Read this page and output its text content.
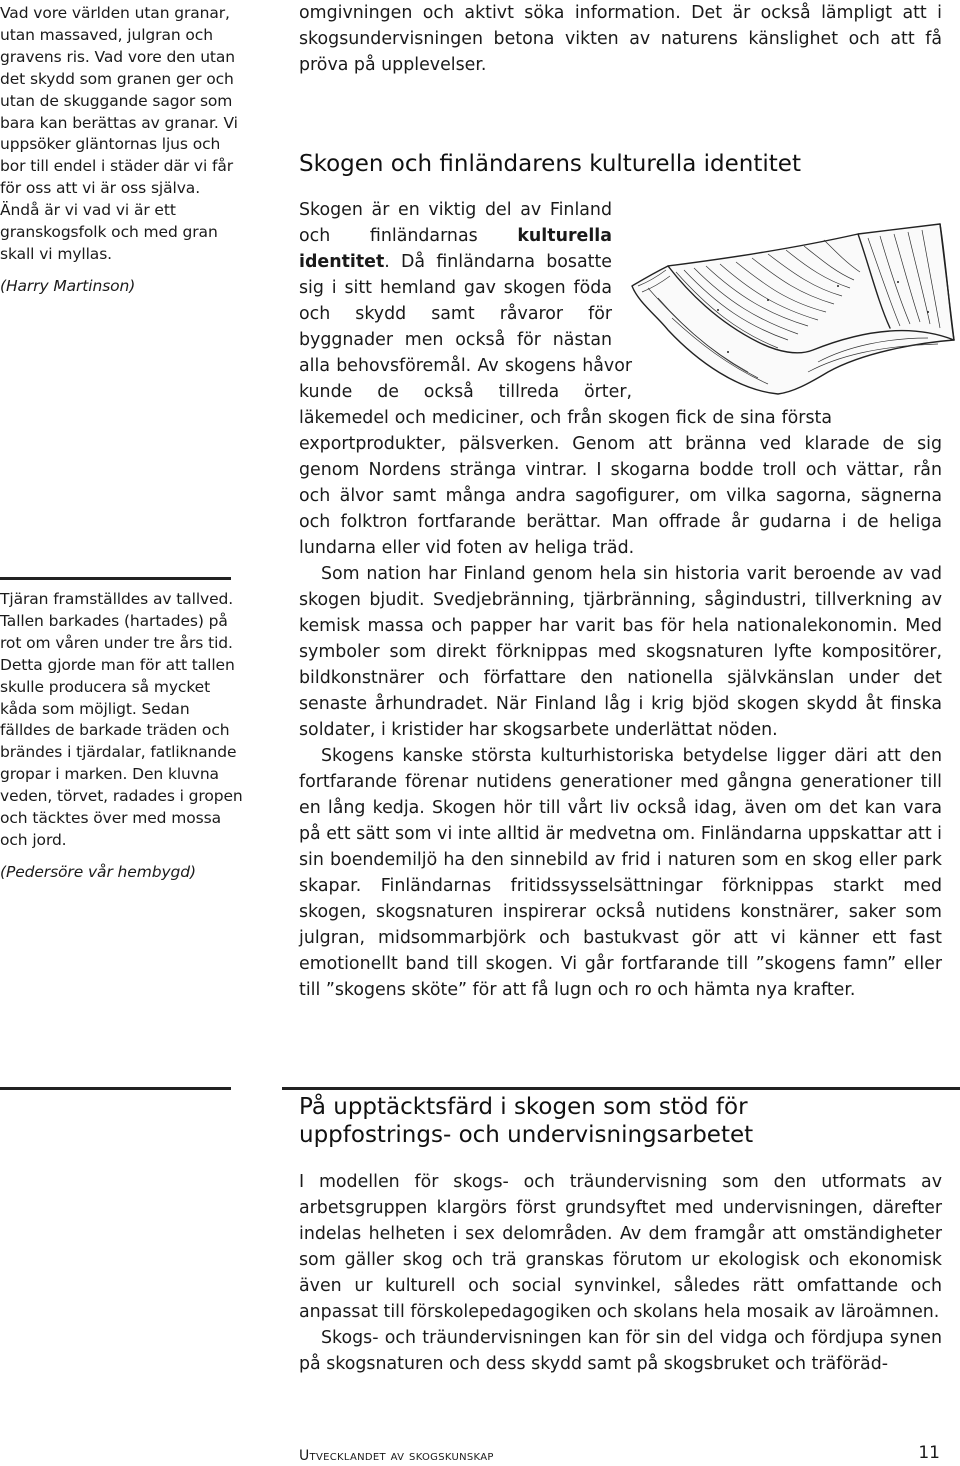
Vad vore världen utan granar, utan massaved, julgran och gravens ris. Vad vore den utan det skydd som granen ger och utan de skuggande sagor som bara kan berättas av granar. Vi uppsöker gläntornas ljus och bor till endel i städer där vi får för oss att vi är oss själva. Ändå är vi vad vi är ett granskogsfolk och med gran skall vi myllas.

(Harry Martinson)

Tjäran framställdes av tallved. Tallen barkades (hartades) på rot om våren under tre års tid. Detta gjorde man för att tallen skulle producera så mycket kåda som möjligt. Sedan fälldes de barkade träden och brändes i tjärdalar, fatliknande gropar i marken. Den kluvna veden, törvet, radades i gropen och täcktes över med mossa och jord.

(Pedersöre vår hembygd)

omgivningen och aktivt söka information. Det är också lämpligt att i skogsundervisningen betona vikten av naturens känslighet och att få pröva på upplevelser.

Skogen och finländarens kulturella identitet

Skogen är en viktig del av Finland och finländarnas kulturella identitet. Då finländarna bosatte sig i sitt hemland gav skogen föda och skydd samt råvaror för byggnader men också för nästan alla behovsföremål. Av skogens håvor kunde de också tillreda örter, läkemedel och mediciner, och från skogen fick de sina första exportprodukter, pälsverken. Genom att bränna ved klarade de sig genom Nordens stränga vintrar. I skogarna bodde troll och vättar, rån och älvor samt många andra sagofigurer, om vilka sagorna, sägnerna och folktron fortfarande berättar. Man offrade år gudarna i de heliga lundarna eller vid foten av heliga träd.

Som nation har Finland genom hela sin historia varit beroende av vad skogen bjudit. Svedjebränning, tjärbränning, sågindustri, tillverkning av kemisk massa och papper har varit bas för hela nationalekonomin. Med symboler som direkt förknippas med skogsnaturen lyfte kompositörer, bildkonstnärer och författare den nationella självkänslan under det senaste århundradet. När Finland låg i krig bjöd skogen skydd åt finska soldater, i kristider har skogsarbete underlättat nöden.

Skogens kanske största kulturhistoriska betydelse ligger däri att den fortfarande förenar nutidens generationer med gångna generationer till en lång kedja. Skogen hör till vårt liv också idag, även om det kan vara på ett sätt som vi inte alltid är medvetna om. Finländarna uppskattar att i sin boendemiljö ha den sinnebild av frid i naturen som en skog eller park skapar. Finländarnas fritidssysselsättningar förknippas starkt med skogen, skogsnaturen inspirerar också nutidens konstnärer, saker som julgran, midsommarbjörk och bastukvast gör att vi känner ett fast emotionellt band till skogen. Vi går fortfarande till ”skogens famn” eller till ”skogens sköte” för att få lugn och ro och hämta nya krafter.

På upptäcktsfärd i skogen som stöd för uppfostrings- och undervisningsarbetet

I modellen för skogs- och träundervisning som den utformats av arbetsgruppen klargörs först grundsyftet med undervisningen, därefter indelas helheten i sex delområden. Av dem framgår att omständigheter som gäller skog och trä granskas förutom ur ekologisk och ekonomisk även ur kulturell och social synvinkel, således rätt omfattande och anpassat till förskolepedagogiken och skolans hela mosaik av läroämnen.

Skogs- och träundervisningen kan för sin del vidga och fördjupa synen på skogsnaturen och dess skydd samt på skogsbruket och träföräd-

Utvecklandet av skogskunskap	11
